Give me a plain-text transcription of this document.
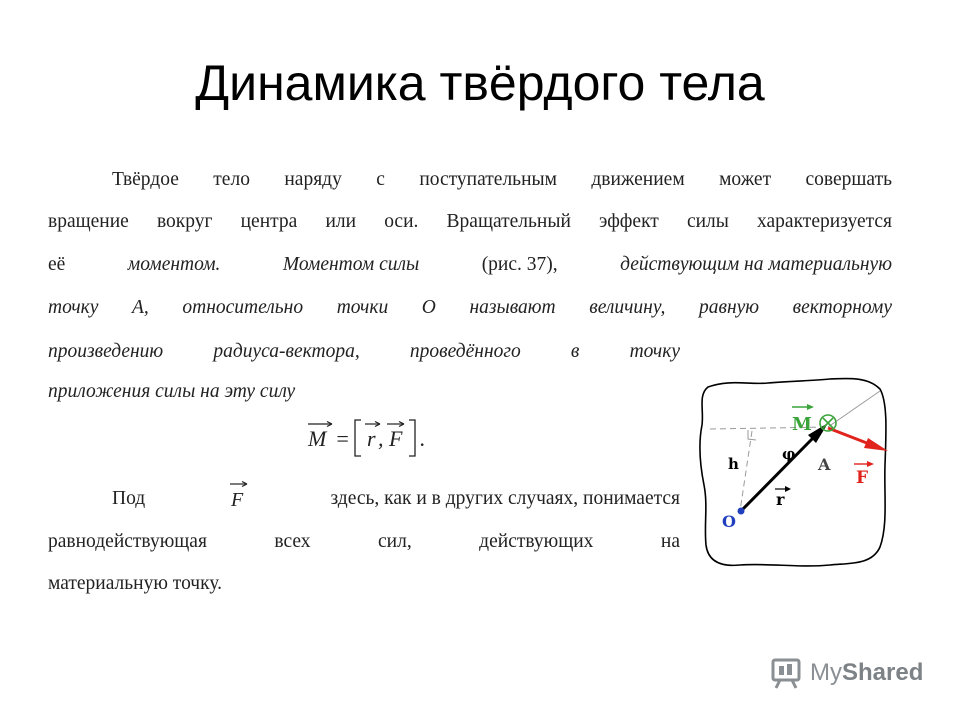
Динамика твёрдого тела
Твёрдое тело наряду с поступательным движением может совершать
вращение вокруг центра или оси. Вращательный эффект силы характеризуется
её	моментом.	Моментом силы	(рис. 37),	действующим на материальную
точку А, относительно точки О называют величину, равную векторному
произведению радиуса-вектора, проведённого в точку
приложения силы на эту силу
M = r , F .
Под	F	здесь, как и в других случаях, понимается
равнодействующая всех сил, действующих на
материальную точку.
M
h
φ
A
F
r
O
My Shared
